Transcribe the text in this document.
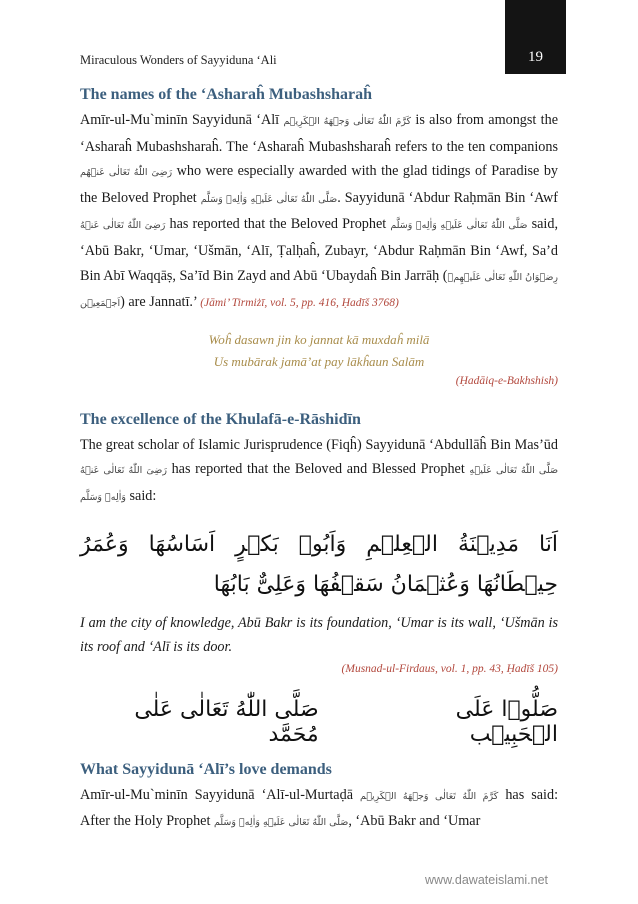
Miraculous Wonders of Sayyiduna ‘Ali	19
The names of the ‘Asharaĥ Mubashsharaĥ

Amīr-ul-Mu`minīn Sayyidunā ‘Alī كَرَّمَ اللّٰهُ تَعَالٰی وَجۡهَهُ الۡكَرِيۡم is also from amongst the ‘Asharaĥ Mubashsharaĥ. The ‘Asharaĥ Mubashsharaĥ refers to the ten companions رَضِیَ اللّٰهُ تَعَالٰی عَنۡهُم who were especially awarded with the glad tidings of Paradise by the Beloved Prophet صَلَّی اللّٰهُ تَعَالٰی عَلَیۡهِ وَاٰلِهٖ وَسَلَّم. Sayyidunā ‘Abdur Raḥmān Bin ‘Awf رَضِیَ اللّٰهُ تَعَالٰی عَنۡهُ has reported that the Beloved Prophet صَلَّی اللّٰهُ تَعَالٰی عَلَیۡهِ وَاٰلِهٖ وَسَلَّم said, ‘Abū Bakr, ‘Umar, ‘Ušmān, ‘Alī, Ṭalḥaĥ, Zubayr, ‘Abdur Raḥmān Bin ‘Awf, Sa’d Bin Abī Waqqāṣ, Sa’īd Bin Zayd and Abū ‘Ubaydaĥ Bin Jarrāḥ (رِضۡوَانُ اللّٰهِ تَعَالٰی عَلَیۡهِمۡ اَجۡمَعِیۡن) are Jannatī.’ (Jāmi’ Tirmiżī, vol. 5, pp. 416, Ḥadīš 3768)

Woĥ dasawn jin ko jannat kā muxdaĥ milā
Us mubārak jamā’at pay lākĥaun Salām
(Ḥadāiq-e-Bakhshish)
The excellence of the Khulafā-e-Rāshidīn

The great scholar of Islamic Jurisprudence (Fiqĥ) Sayyidunā ‘Abdullāĥ Bin Mas’ūd رَضِیَ اللّٰهُ تَعَالٰی عَنۡهُ has reported that the Beloved and Blessed Prophet صَلَّی اللّٰهُ تَعَالٰی عَلَیۡهِ وَاٰلِهٖ وَسَلَّم said:

اَنَا مَدِيۡنَةُ الۡعِلۡمِ وَاَبُوۡ بَكۡرٍ اَسَاسُهَا وَعُمَرُ حِيۡطَانُهَا وَعُثۡمَانُ سَقۡفُهَا وَعَلِیٌّ بَابُهَا
I am the city of knowledge, Abū Bakr is its foundation, ‘Umar is its wall, ‘Ušmān is its roof and ‘Alī is its door.
(Musnad-ul-Firdaus, vol. 1, pp. 43, Ḥadīš 105)
صَلُّوۡا عَلَی الۡحَبِیۡب
صَلَّی اللّٰهُ تَعَالٰی عَلٰی مُحَمَّد
What Sayyidunā ‘Alī’s love demands

Amīr-ul-Mu`minīn Sayyidunā ‘Alī-ul-Murtaḍā كَرَّمَ اللّٰهُ تَعَالٰی وَجۡهَهُ الۡكَرِيۡم has said: After the Holy Prophet صَلَّی اللّٰهُ تَعَالٰی عَلَیۡهِ وَاٰلِهٖ وَسَلَّم, ‘Abū Bakr and ‘Umar

www.dawateislami.net
